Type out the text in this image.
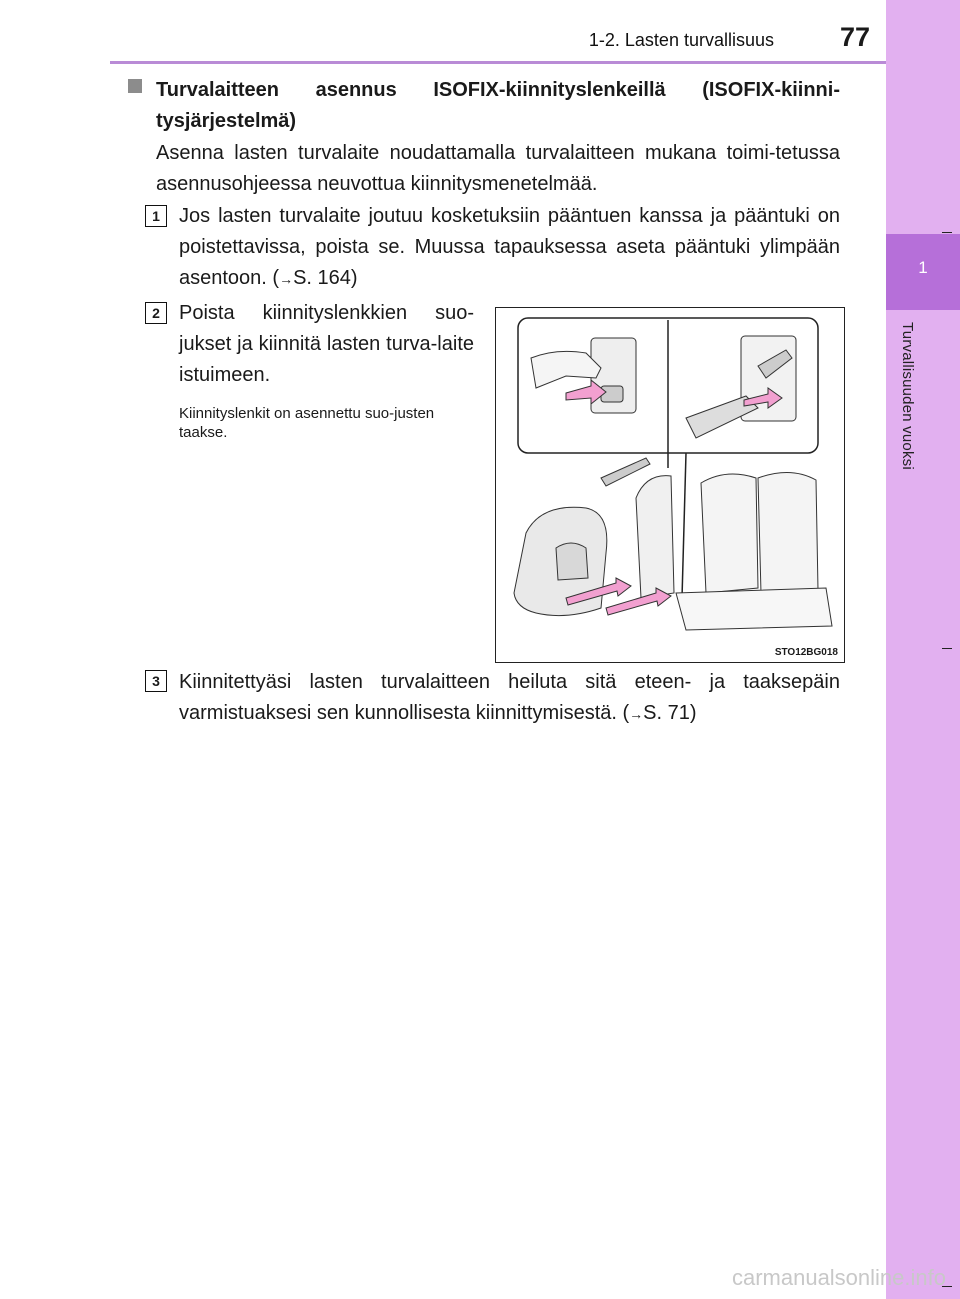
1-2. Lasten turvallisuus 77
1
Turvallisuuden vuoksi
Turvalaitteen asennus ISOFIX-kiinnityslenkeillä (ISOFIX-kiinni-tysjärjestelmä)
Asenna lasten turvalaite noudattamalla turvalaitteen mukana toimi-tetussa asennusohjeessa neuvottua kiinnitysmenetelmää.
1 Jos lasten turvalaite joutuu kosketuksiin pääntuen kanssa ja pääntuki on poistettavissa, poista se. Muussa tapauksessa aseta pääntuki ylimpään asentoon. (→S. 164)
2 Poista kiinnityslenkkien suo-jukset ja kiinnitä lasten turva-laite istuimeen.
Kiinnityslenkit on asennettu suo-justen taakse.
STO12BG018
3 Kiinnitettyäsi lasten turvalaitteen heiluta sitä eteen- ja taaksepäin varmistuaksesi sen kunnollisesta kiinnittymisestä. (→S. 71)
carmanualsonline.info
